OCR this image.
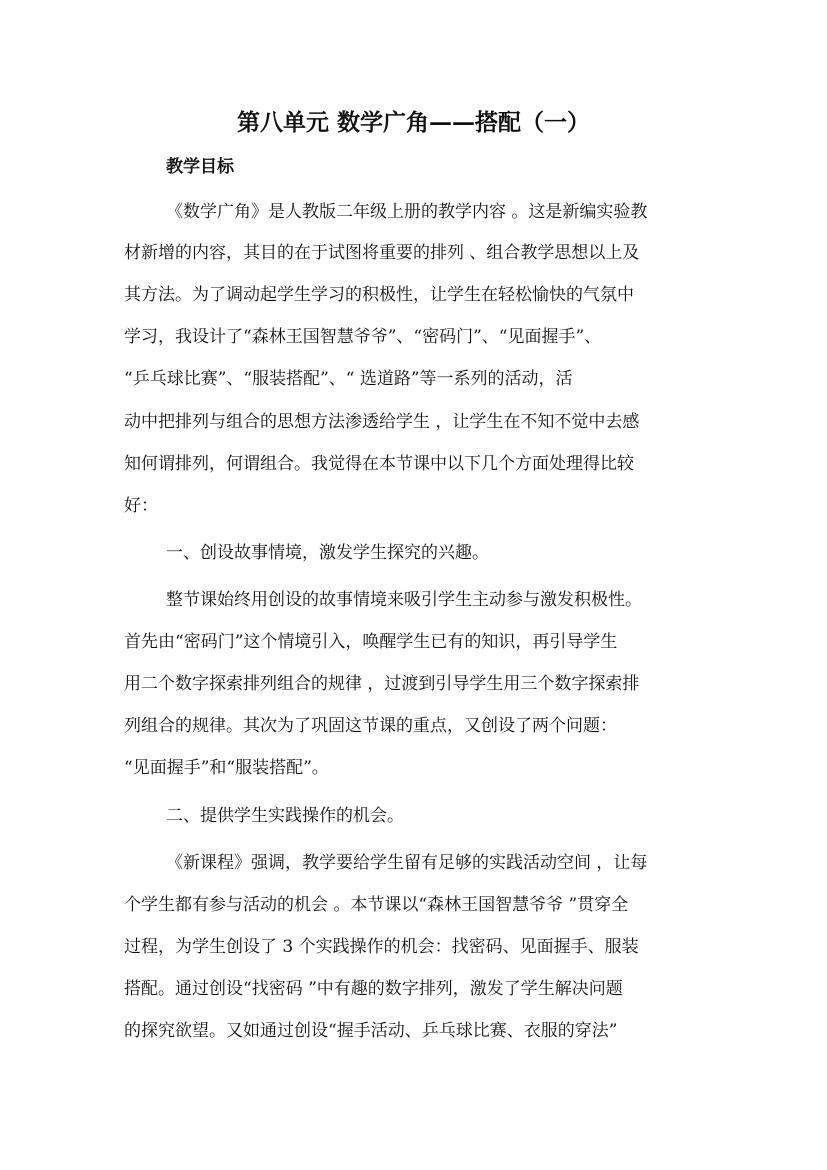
第八单元 数学广角——搭配（一）
教学目标
《数学广角》是人教版二年级上册的教学内容 。这是新编实验教
材新增的内容，其目的在于试图将重要的排列 、组合教学思想以上及
其方法。为了调动起学生学习的积极性，让学生在轻松愉快的气氛中
学习，我设计了“森林王国智慧爷爷”、“密码门”、“见面握手”、
“乒乓球比赛”、“服装搭配”、“ 选道路”等一系列的活动，活
动中把排列与组合的思想方法渗透给学生 ，让学生在不知不觉中去感
知何谓排列，何谓组合。我觉得在本节课中以下几个方面处理得比较
好：
一、创设故事情境，激发学生探究的兴趣。
整节课始终用创设的故事情境来吸引学生主动参与激发积极性。
首先由“密码门”这个情境引入，唤醒学生已有的知识，再引导学生
用二个数字探索排列组合的规律 ，过渡到引导学生用三个数字探索排
列组合的规律。其次为了巩固这节课的重点，又创设了两个问题：
“见面握手”和“服装搭配”。
二、提供学生实践操作的机会。
《新课程》强调，教学要给学生留有足够的实践活动空间 ，让每
个学生都有参与活动的机会 。本节课以“森林王国智慧爷爷 ”贯穿全
过程，为学生创设了 3 个实践操作的机会：找密码、见面握手、服装
搭配。通过创设“找密码 ”中有趣的数字排列，激发了学生解决问题
的探究欲望。又如通过创设“握手活动、乒乓球比赛、衣服的穿法”
